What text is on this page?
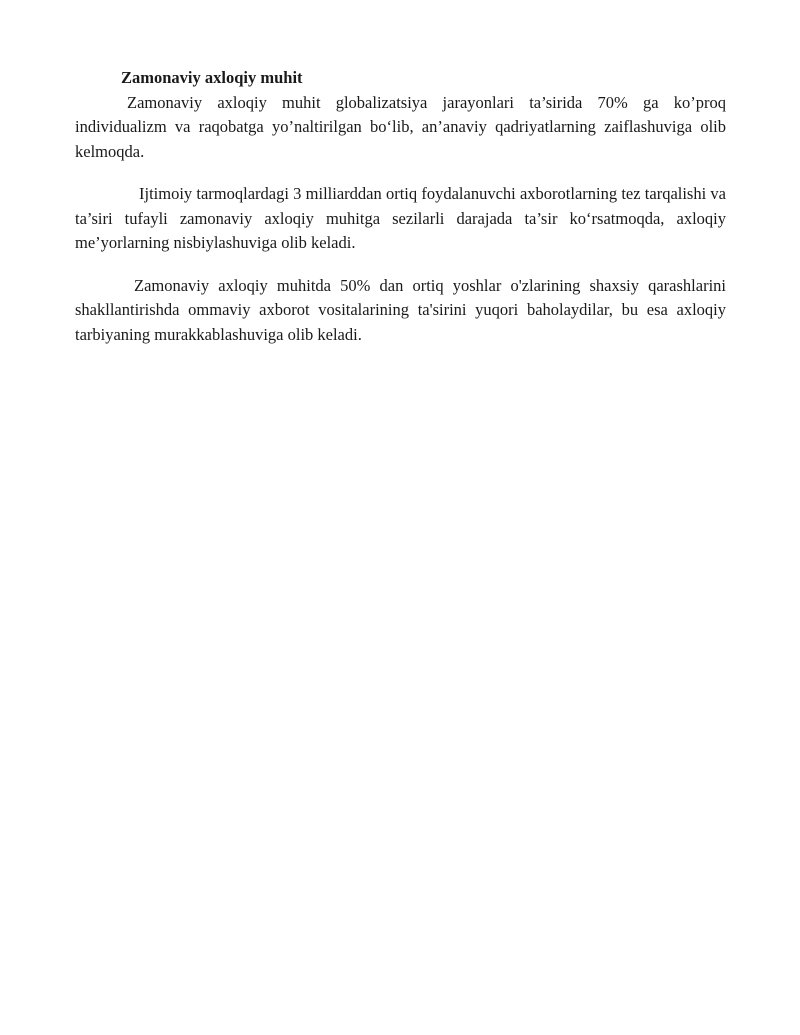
Zamonaviy axloqiy muhit

Zamonaviy axloqiy muhit globalizatsiya jarayonlari ta’sirida 70% ga ko’proq individualizm va raqobatga yo’naltirilgan bo‘lib, an’anaviy qadriyatlarning zaiflashuviga olib kelmoqda.

Ijtimoiy tarmoqlardagi 3 milliarddan ortiq foydalanuvchi axborotlarning tez tarqalishi va ta’siri tufayli zamonaviy axloqiy muhitga sezilarli darajada ta’sir ko‘rsatmoqda, axloqiy me’yorlarning nisbiylashuviga olib keladi.

Zamonaviy axloqiy muhitda 50% dan ortiq yoshlar o'zlarining shaxsiy qarashlarini shakllantirishda ommaviy axborot vositalarining ta'sirini yuqori baholaydilar, bu esa axloqiy tarbiyaning murakkablashuviga olib keladi.
